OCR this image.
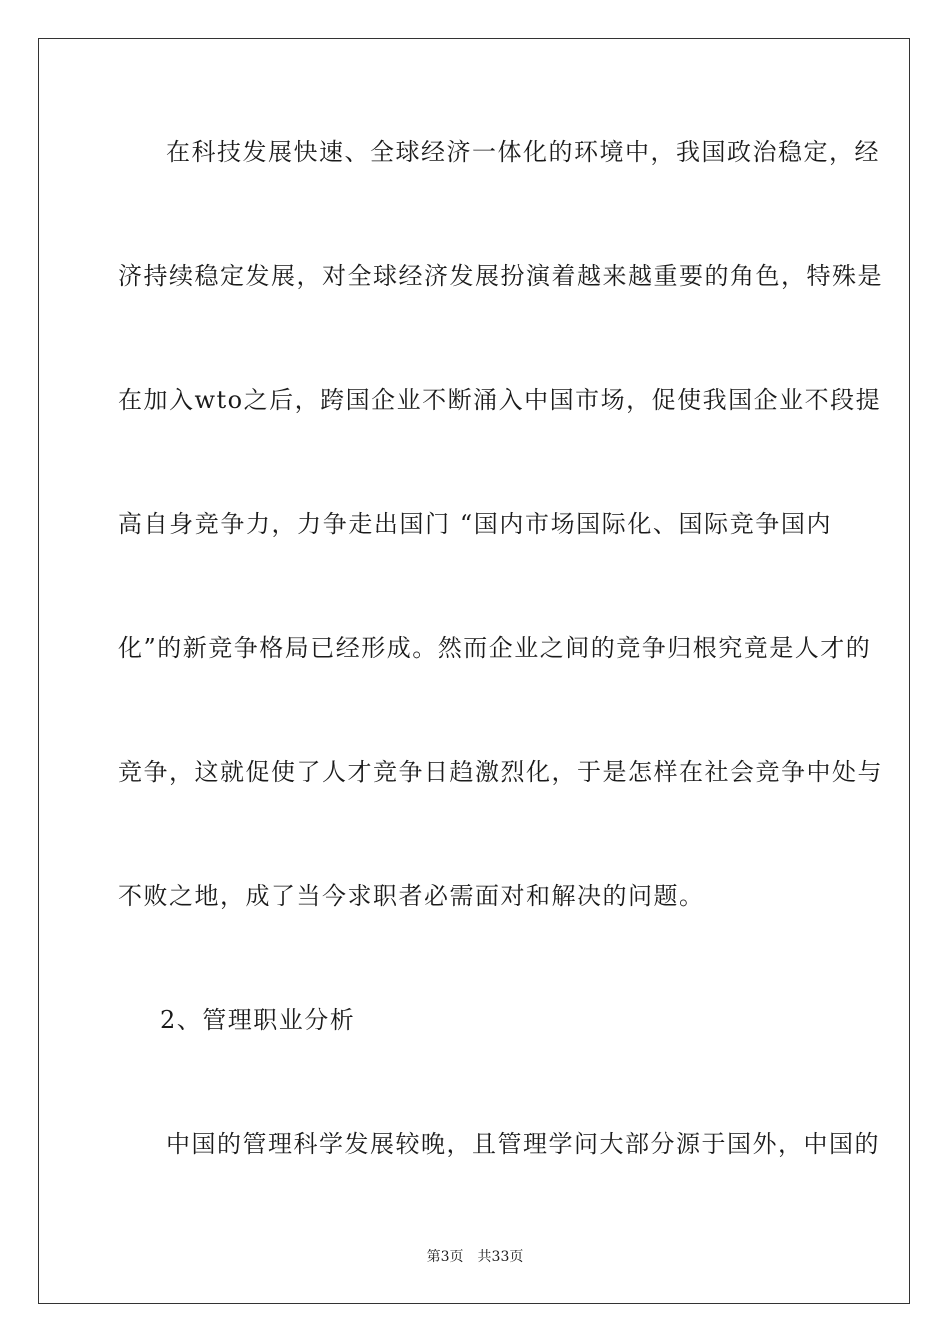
在科技发展快速、全球经济一体化的环境中，我国政治稳定，经
济持续稳定发展，对全球经济发展扮演着越来越重要的角色，特殊是
在加入wto之后，跨国企业不断涌入中国市场，促使我国企业不段提
高自身竞争力，力争走出国门 “国内市场国际化、国际竞争国内
化”的新竞争格局已经形成。然而企业之间的竞争归根究竟是人才的
竞争，这就促使了人才竞争日趋激烈化，于是怎样在社会竞争中处与
不败之地，成了当今求职者必需面对和解决的问题。
2、管理职业分析
中国的管理科学发展较晚，且管理学问大部分源于国外，中国的
第3页 共33页
